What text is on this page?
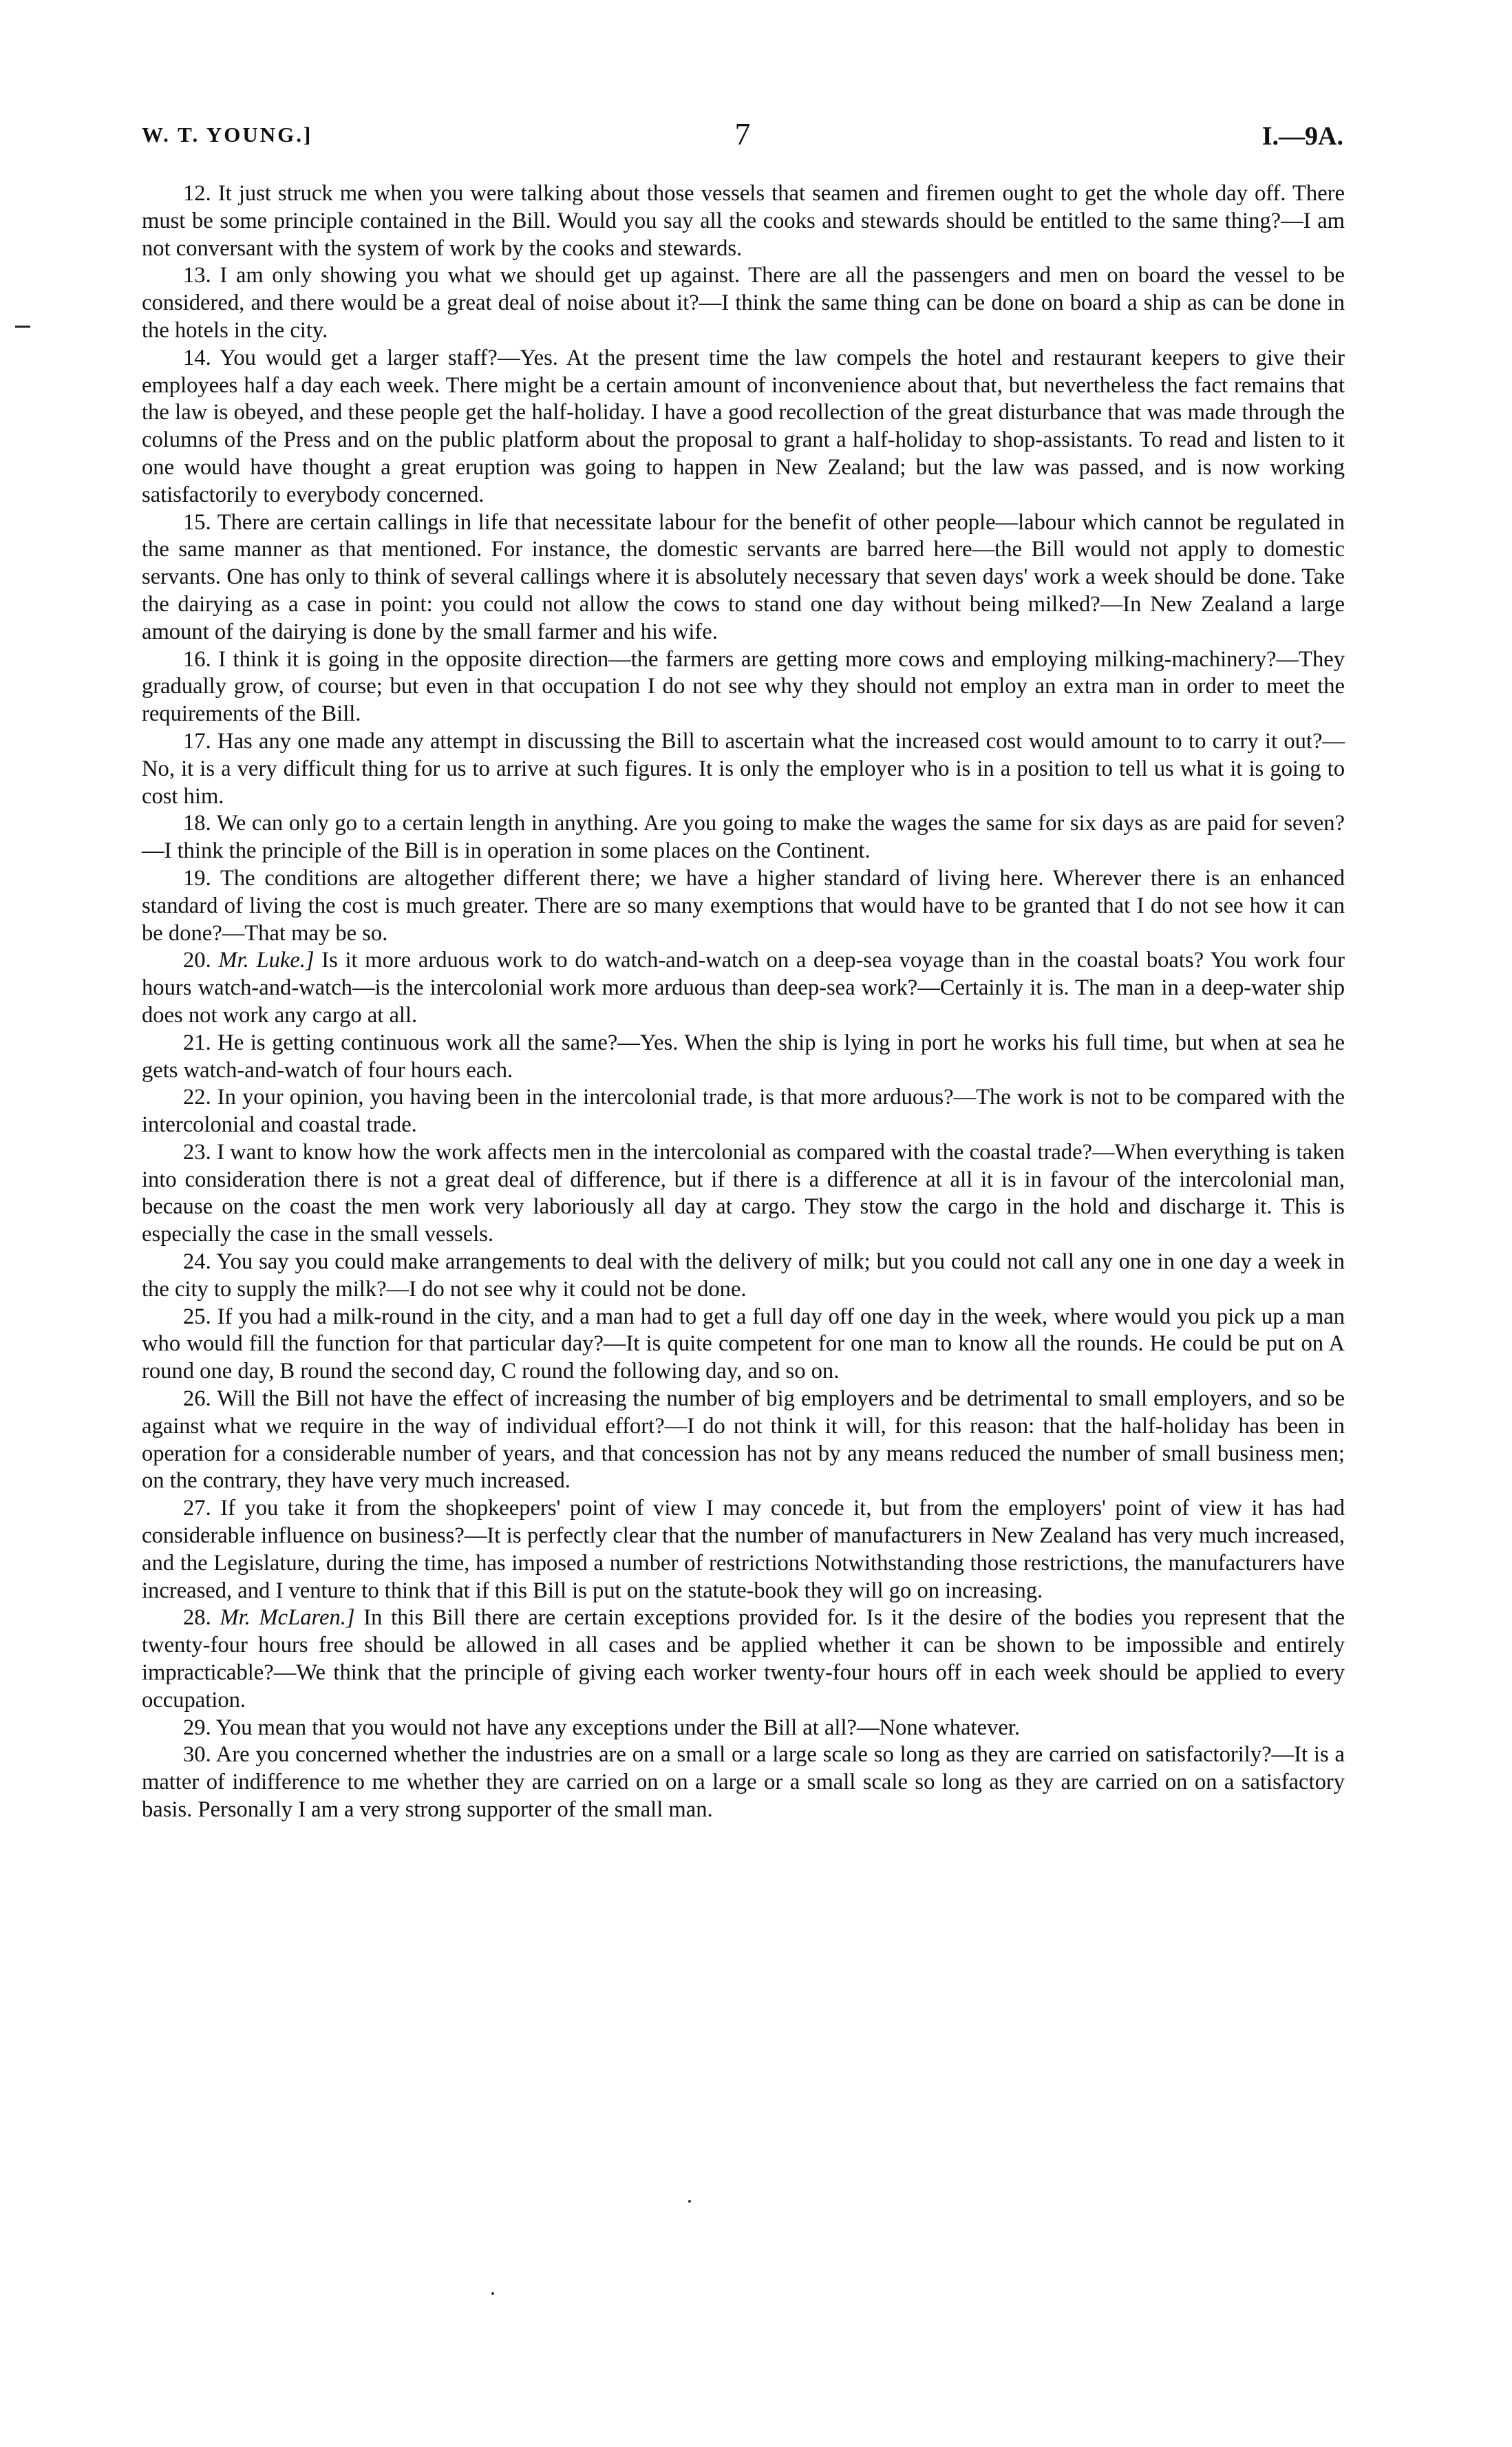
W. T. YOUNG.]	7	I.—9A.

12. It just struck me when you were talking about those vessels that seamen and firemen ought to get the whole day off. There must be some principle contained in the Bill. Would you say all the cooks and stewards should be entitled to the same thing?—I am not conversant with the system of work by the cooks and stewards.

13. I am only showing you what we should get up against. There are all the passengers and men on board the vessel to be considered, and there would be a great deal of noise about it?—I think the same thing can be done on board a ship as can be done in the hotels in the city.

14. You would get a larger staff?—Yes. At the present time the law compels the hotel and restaurant keepers to give their employees half a day each week. There might be a certain amount of inconvenience about that, but nevertheless the fact remains that the law is obeyed, and these people get the half-holiday. I have a good recollection of the great disturbance that was made through the columns of the Press and on the public platform about the proposal to grant a half-holiday to shop-assistants. To read and listen to it one would have thought a great eruption was going to happen in New Zealand; but the law was passed, and is now working satisfactorily to everybody concerned.

15. There are certain callings in life that necessitate labour for the benefit of other people—labour which cannot be regulated in the same manner as that mentioned. For instance, the domestic servants are barred here—the Bill would not apply to domestic servants. One has only to think of several callings where it is absolutely necessary that seven days' work a week should be done. Take the dairying as a case in point: you could not allow the cows to stand one day without being milked?—In New Zealand a large amount of the dairying is done by the small farmer and his wife.

16. I think it is going in the opposite direction—the farmers are getting more cows and employing milking-machinery?—They gradually grow, of course; but even in that occupation I do not see why they should not employ an extra man in order to meet the requirements of the Bill.

17. Has any one made any attempt in discussing the Bill to ascertain what the increased cost would amount to to carry it out?—No, it is a very difficult thing for us to arrive at such figures. It is only the employer who is in a position to tell us what it is going to cost him.

18. We can only go to a certain length in anything. Are you going to make the wages the same for six days as are paid for seven?—I think the principle of the Bill is in operation in some places on the Continent.

19. The conditions are altogether different there; we have a higher standard of living here. Wherever there is an enhanced standard of living the cost is much greater. There are so many exemptions that would have to be granted that I do not see how it can be done?—That may be so.

20. Mr. Luke.] Is it more arduous work to do watch-and-watch on a deep-sea voyage than in the coastal boats? You work four hours watch-and-watch—is the intercolonial work more arduous than deep-sea work?—Certainly it is. The man in a deep-water ship does not work any cargo at all.

21. He is getting continuous work all the same?—Yes. When the ship is lying in port he works his full time, but when at sea he gets watch-and-watch of four hours each.

22. In your opinion, you having been in the intercolonial trade, is that more arduous?—The work is not to be compared with the intercolonial and coastal trade.

23. I want to know how the work affects men in the intercolonial as compared with the coastal trade?—When everything is taken into consideration there is not a great deal of difference, but if there is a difference at all it is in favour of the intercolonial man, because on the coast the men work very laboriously all day at cargo. They stow the cargo in the hold and discharge it. This is especially the case in the small vessels.

24. You say you could make arrangements to deal with the delivery of milk; but you could not call any one in one day a week in the city to supply the milk?—I do not see why it could not be done.

25. If you had a milk-round in the city, and a man had to get a full day off one day in the week, where would you pick up a man who would fill the function for that particular day?—It is quite competent for one man to know all the rounds. He could be put on A round one day, B round the second day, C round the following day, and so on.

26. Will the Bill not have the effect of increasing the number of big employers and be detrimental to small employers, and so be against what we require in the way of individual effort?—I do not think it will, for this reason: that the half-holiday has been in operation for a considerable number of years, and that concession has not by any means reduced the number of small business men; on the contrary, they have very much increased.

27. If you take it from the shopkeepers' point of view I may concede it, but from the employers' point of view it has had considerable influence on business?—It is perfectly clear that the number of manufacturers in New Zealand has very much increased, and the Legislature, during the time, has imposed a number of restrictions Notwithstanding those restrictions, the manufacturers have increased, and I venture to think that if this Bill is put on the statute-book they will go on increasing.

28. Mr. McLaren.] In this Bill there are certain exceptions provided for. Is it the desire of the bodies you represent that the twenty-four hours free should be allowed in all cases and be applied whether it can be shown to be impossible and entirely impracticable?—We think that the principle of giving each worker twenty-four hours off in each week should be applied to every occupation.

29. You mean that you would not have any exceptions under the Bill at all?—None whatever.

30. Are you concerned whether the industries are on a small or a large scale so long as they are carried on satisfactorily?—It is a matter of indifference to me whether they are carried on on a large or a small scale so long as they are carried on on a satisfactory basis. Personally I am a very strong supporter of the small man.
